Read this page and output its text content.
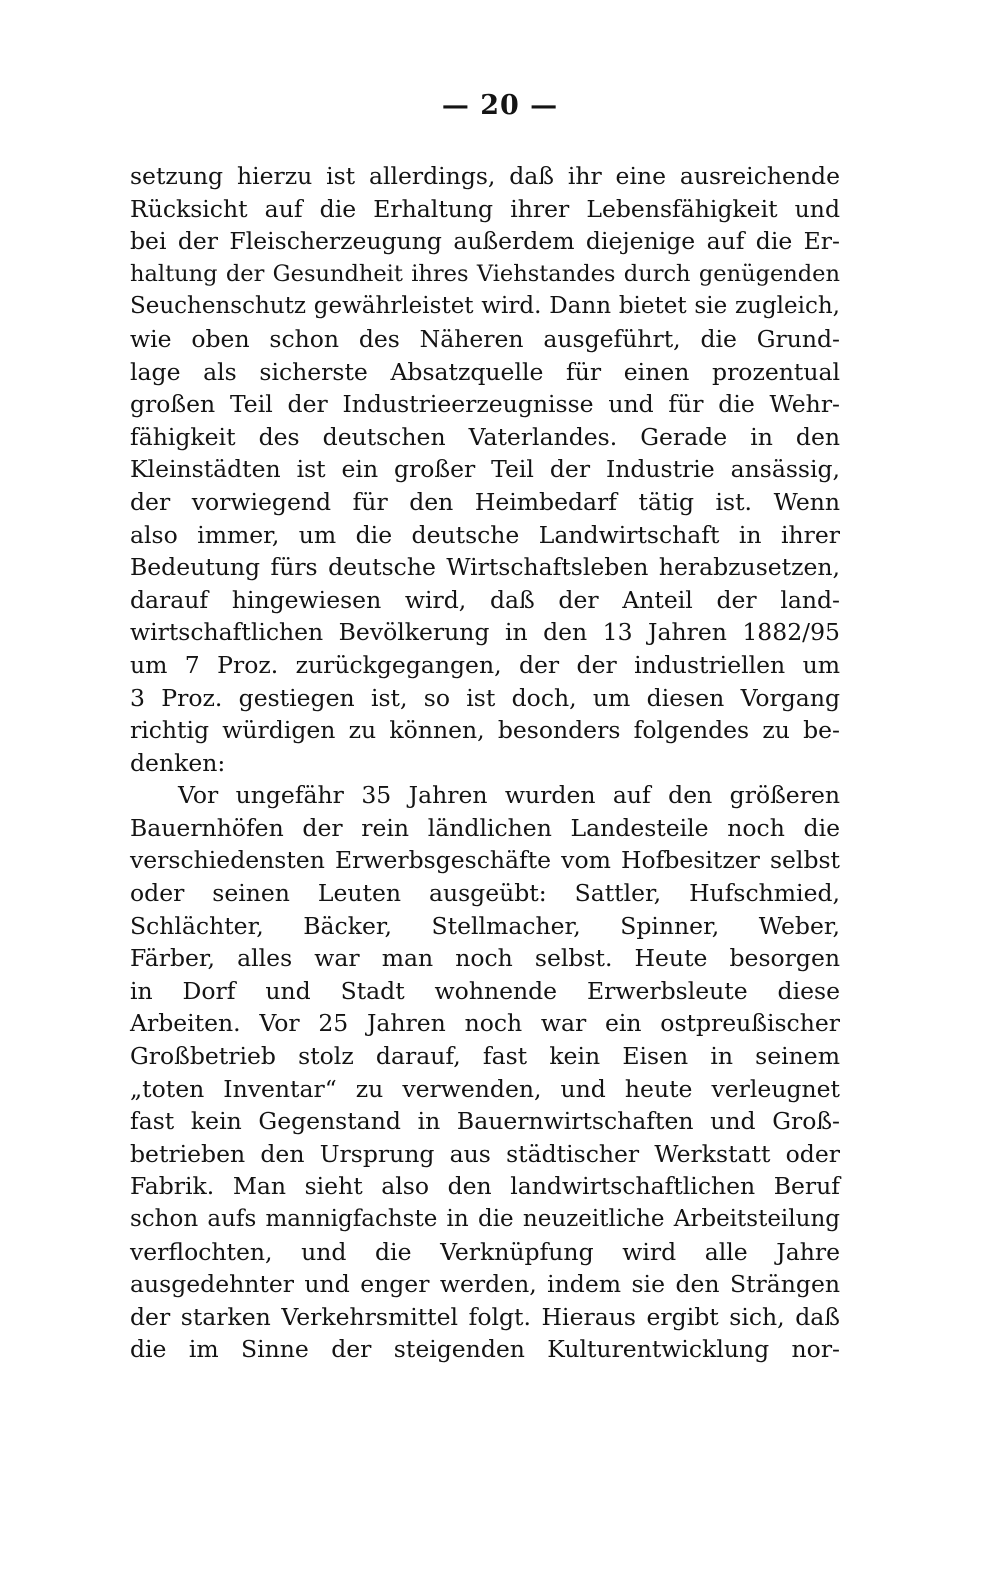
— 20 —
setzung hierzu ist allerdings, daß ihr eine ausreichende
Rücksicht auf die Erhaltung ihrer Lebensfähigkeit und
bei der Fleischerzeugung außerdem diejenige auf die Er-
haltung der Gesundheit ihres Viehstandes durch genügenden
Seuchenschutz gewährleistet wird. Dann bietet sie zugleich,
wie oben schon des Näheren ausgeführt, die Grund-
lage als sicherste Absatzquelle für einen prozentual
großen Teil der Industrieerzeugnisse und für die Wehr-
fähigkeit des deutschen Vaterlandes. Gerade in den
Kleinstädten ist ein großer Teil der Industrie ansässig,
der vorwiegend für den Heimbedarf tätig ist. Wenn
also immer, um die deutsche Landwirtschaft in ihrer
Bedeutung fürs deutsche Wirtschaftsleben herabzusetzen,
darauf hingewiesen wird, daß der Anteil der land-
wirtschaftlichen Bevölkerung in den 13 Jahren 1882/95
um 7 Proz. zurückgegangen, der der industriellen um
3 Proz. gestiegen ist, so ist doch, um diesen Vorgang
richtig würdigen zu können, besonders folgendes zu be-
denken:
Vor ungefähr 35 Jahren wurden auf den größeren
Bauernhöfen der rein ländlichen Landesteile noch die
verschiedensten Erwerbsgeschäfte vom Hofbesitzer selbst
oder seinen Leuten ausgeübt: Sattler, Hufschmied,
Schlächter, Bäcker, Stellmacher, Spinner, Weber,
Färber, alles war man noch selbst. Heute besorgen
in Dorf und Stadt wohnende Erwerbsleute diese
Arbeiten. Vor 25 Jahren noch war ein ostpreußischer
Großbetrieb stolz darauf, fast kein Eisen in seinem
„toten Inventar“ zu verwenden, und heute verleugnet
fast kein Gegenstand in Bauernwirtschaften und Groß-
betrieben den Ursprung aus städtischer Werkstatt oder
Fabrik. Man sieht also den landwirtschaftlichen Beruf
schon aufs mannigfachste in die neuzeitliche Arbeitsteilung
verflochten, und die Verknüpfung wird alle Jahre
ausgedehnter und enger werden, indem sie den Strängen
der starken Verkehrsmittel folgt. Hieraus ergibt sich, daß
die im Sinne der steigenden Kulturentwicklung nor-
